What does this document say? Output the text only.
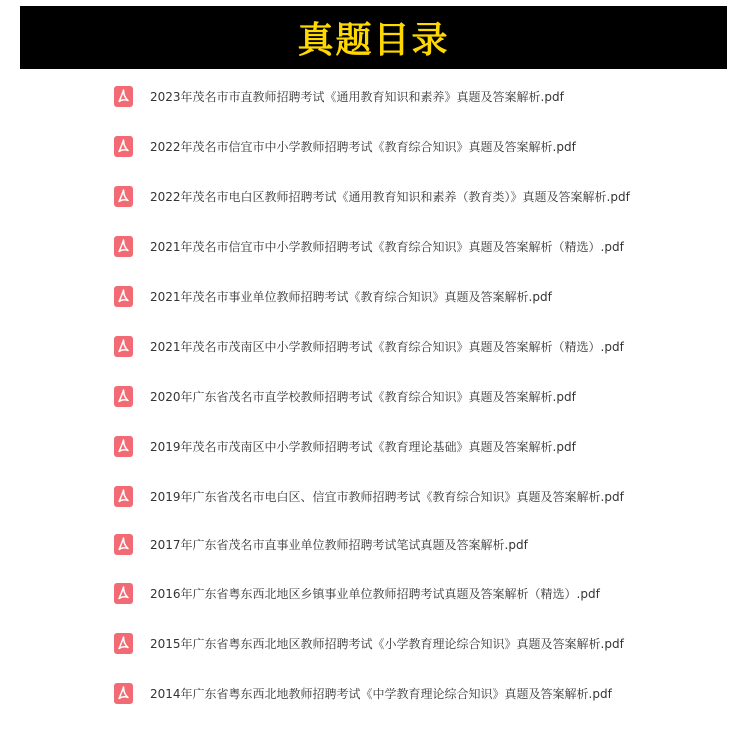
真题目录
2023年茂名市市直教师招聘考试《通用教育知识和素养》真题及答案解析.pdf
2022年茂名市信宜市中小学教师招聘考试《教育综合知识》真题及答案解析.pdf
2022年茂名市电白区教师招聘考试《通用教育知识和素养（教育类）》真题及答案解析.pdf
2021年茂名市信宜市中小学教师招聘考试《教育综合知识》真题及答案解析（精选）.pdf
2021年茂名市事业单位教师招聘考试《教育综合知识》真题及答案解析.pdf
2021年茂名市茂南区中小学教师招聘考试《教育综合知识》真题及答案解析（精选）.pdf
2020年广东省茂名市直学校教师招聘考试《教育综合知识》真题及答案解析.pdf
2019年茂名市茂南区中小学教师招聘考试《教育理论基础》真题及答案解析.pdf
2019年广东省茂名市电白区、信宜市教师招聘考试《教育综合知识》真题及答案解析.pdf
2017年广东省茂名市直事业单位教师招聘考试笔试真题及答案解析.pdf
2016年广东省粤东西北地区乡镇事业单位教师招聘考试真题及答案解析（精选）.pdf
2015年广东省粤东西北地区教师招聘考试《小学教育理论综合知识》真题及答案解析.pdf
2014年广东省粤东西北地教师招聘考试《中学教育理论综合知识》真题及答案解析.pdf
